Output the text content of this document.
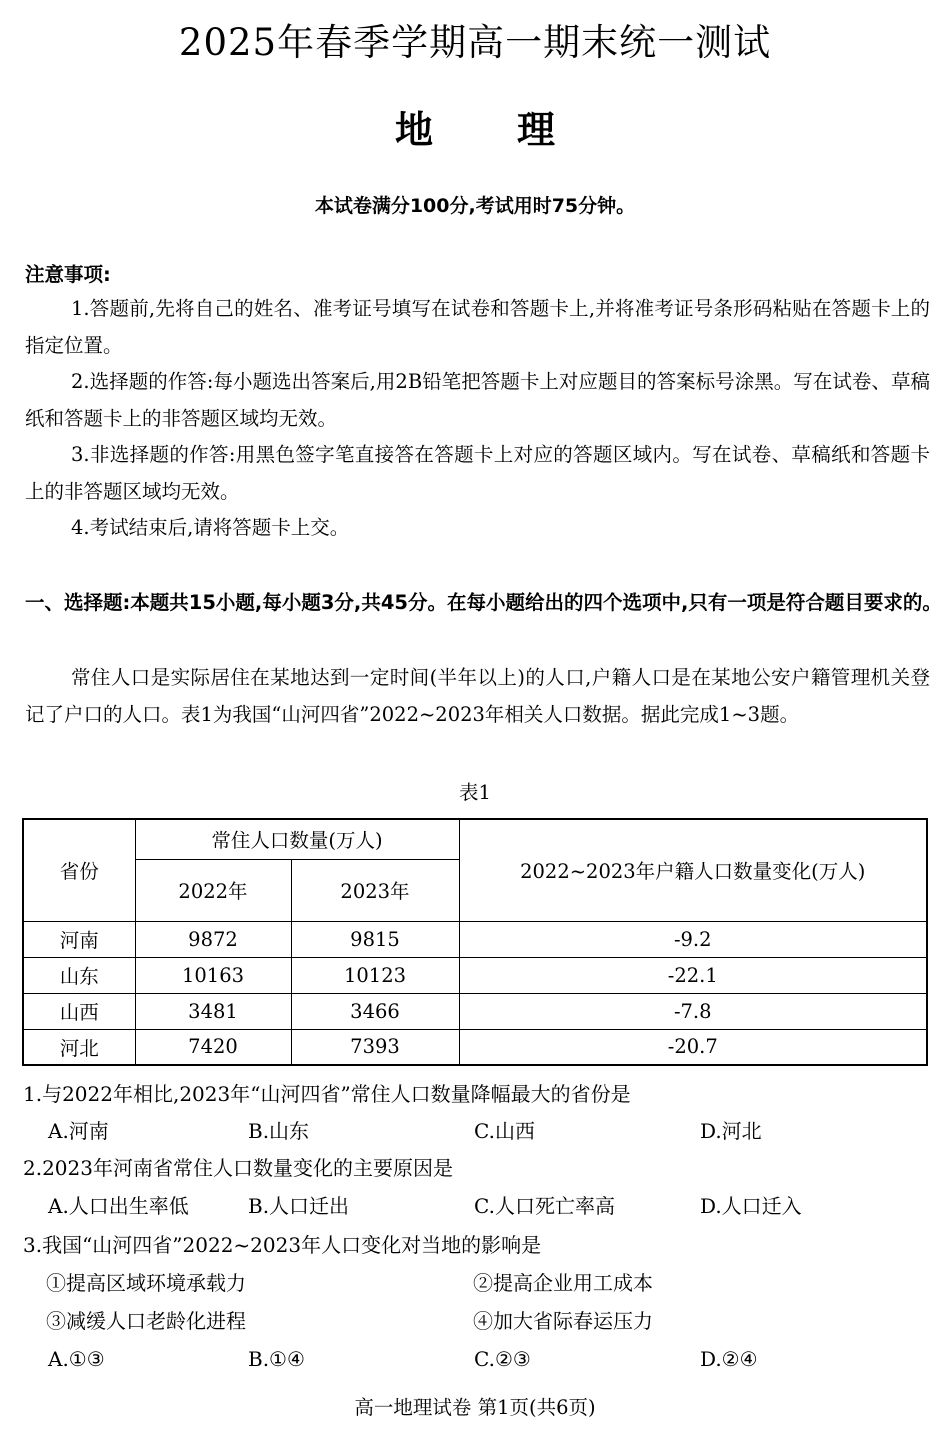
2025年春季学期高一期末统一测试
地 理
本试卷满分100分,考试用时75分钟。

注意事项:

1.答题前,先将自己的姓名、准考证号填写在试卷和答题卡上,并将准考证号条形码粘贴在答题卡上的指定位置。

2.选择题的作答:每小题选出答案后,用2B铅笔把答题卡上对应题目的答案标号涂黑。写在试卷、草稿纸和答题卡上的非答题区域均无效。

3.非选择题的作答:用黑色签字笔直接答在答题卡上对应的答题区域内。写在试卷、草稿纸和答题卡上的非答题区域均无效。

4.考试结束后,请将答题卡上交。

一、选择题:本题共15小题,每小题3分,共45分。在每小题给出的四个选项中,只有一项是符合题目要求的。

常住人口是实际居住在某地达到一定时间(半年以上)的人口,户籍人口是在某地公安户籍管理机关登记了户口的人口。表1为我国“山河四省”2022~2023年相关人口数据。据此完成1~3题。

表1
省份	常住人口数量(万人)		2022~2023年户籍人口数量变化(万人)
	2022年	2023年	
河南	9872	9815	-9.2
山东	10163	10123	-22.1
山西	3481	3466	-7.8
河北	7420	7393	-20.7
1.与2022年相比,2023年“山河四省”常住人口数量降幅最大的省份是
A.河南	B.山东	C.山西	D.河北
2.2023年河南省常住人口数量变化的主要原因是
A.人口出生率低	B.人口迁出	C.人口死亡率高	D.人口迁入
3.我国“山河四省”2022~2023年人口变化对当地的影响是
①提高区域环境承载力	②提高企业用工成本
③减缓人口老龄化进程	④加大省际春运压力
A.①③	B.①④	C.②③	D.②④
高一地理试卷 第1页(共6页)
